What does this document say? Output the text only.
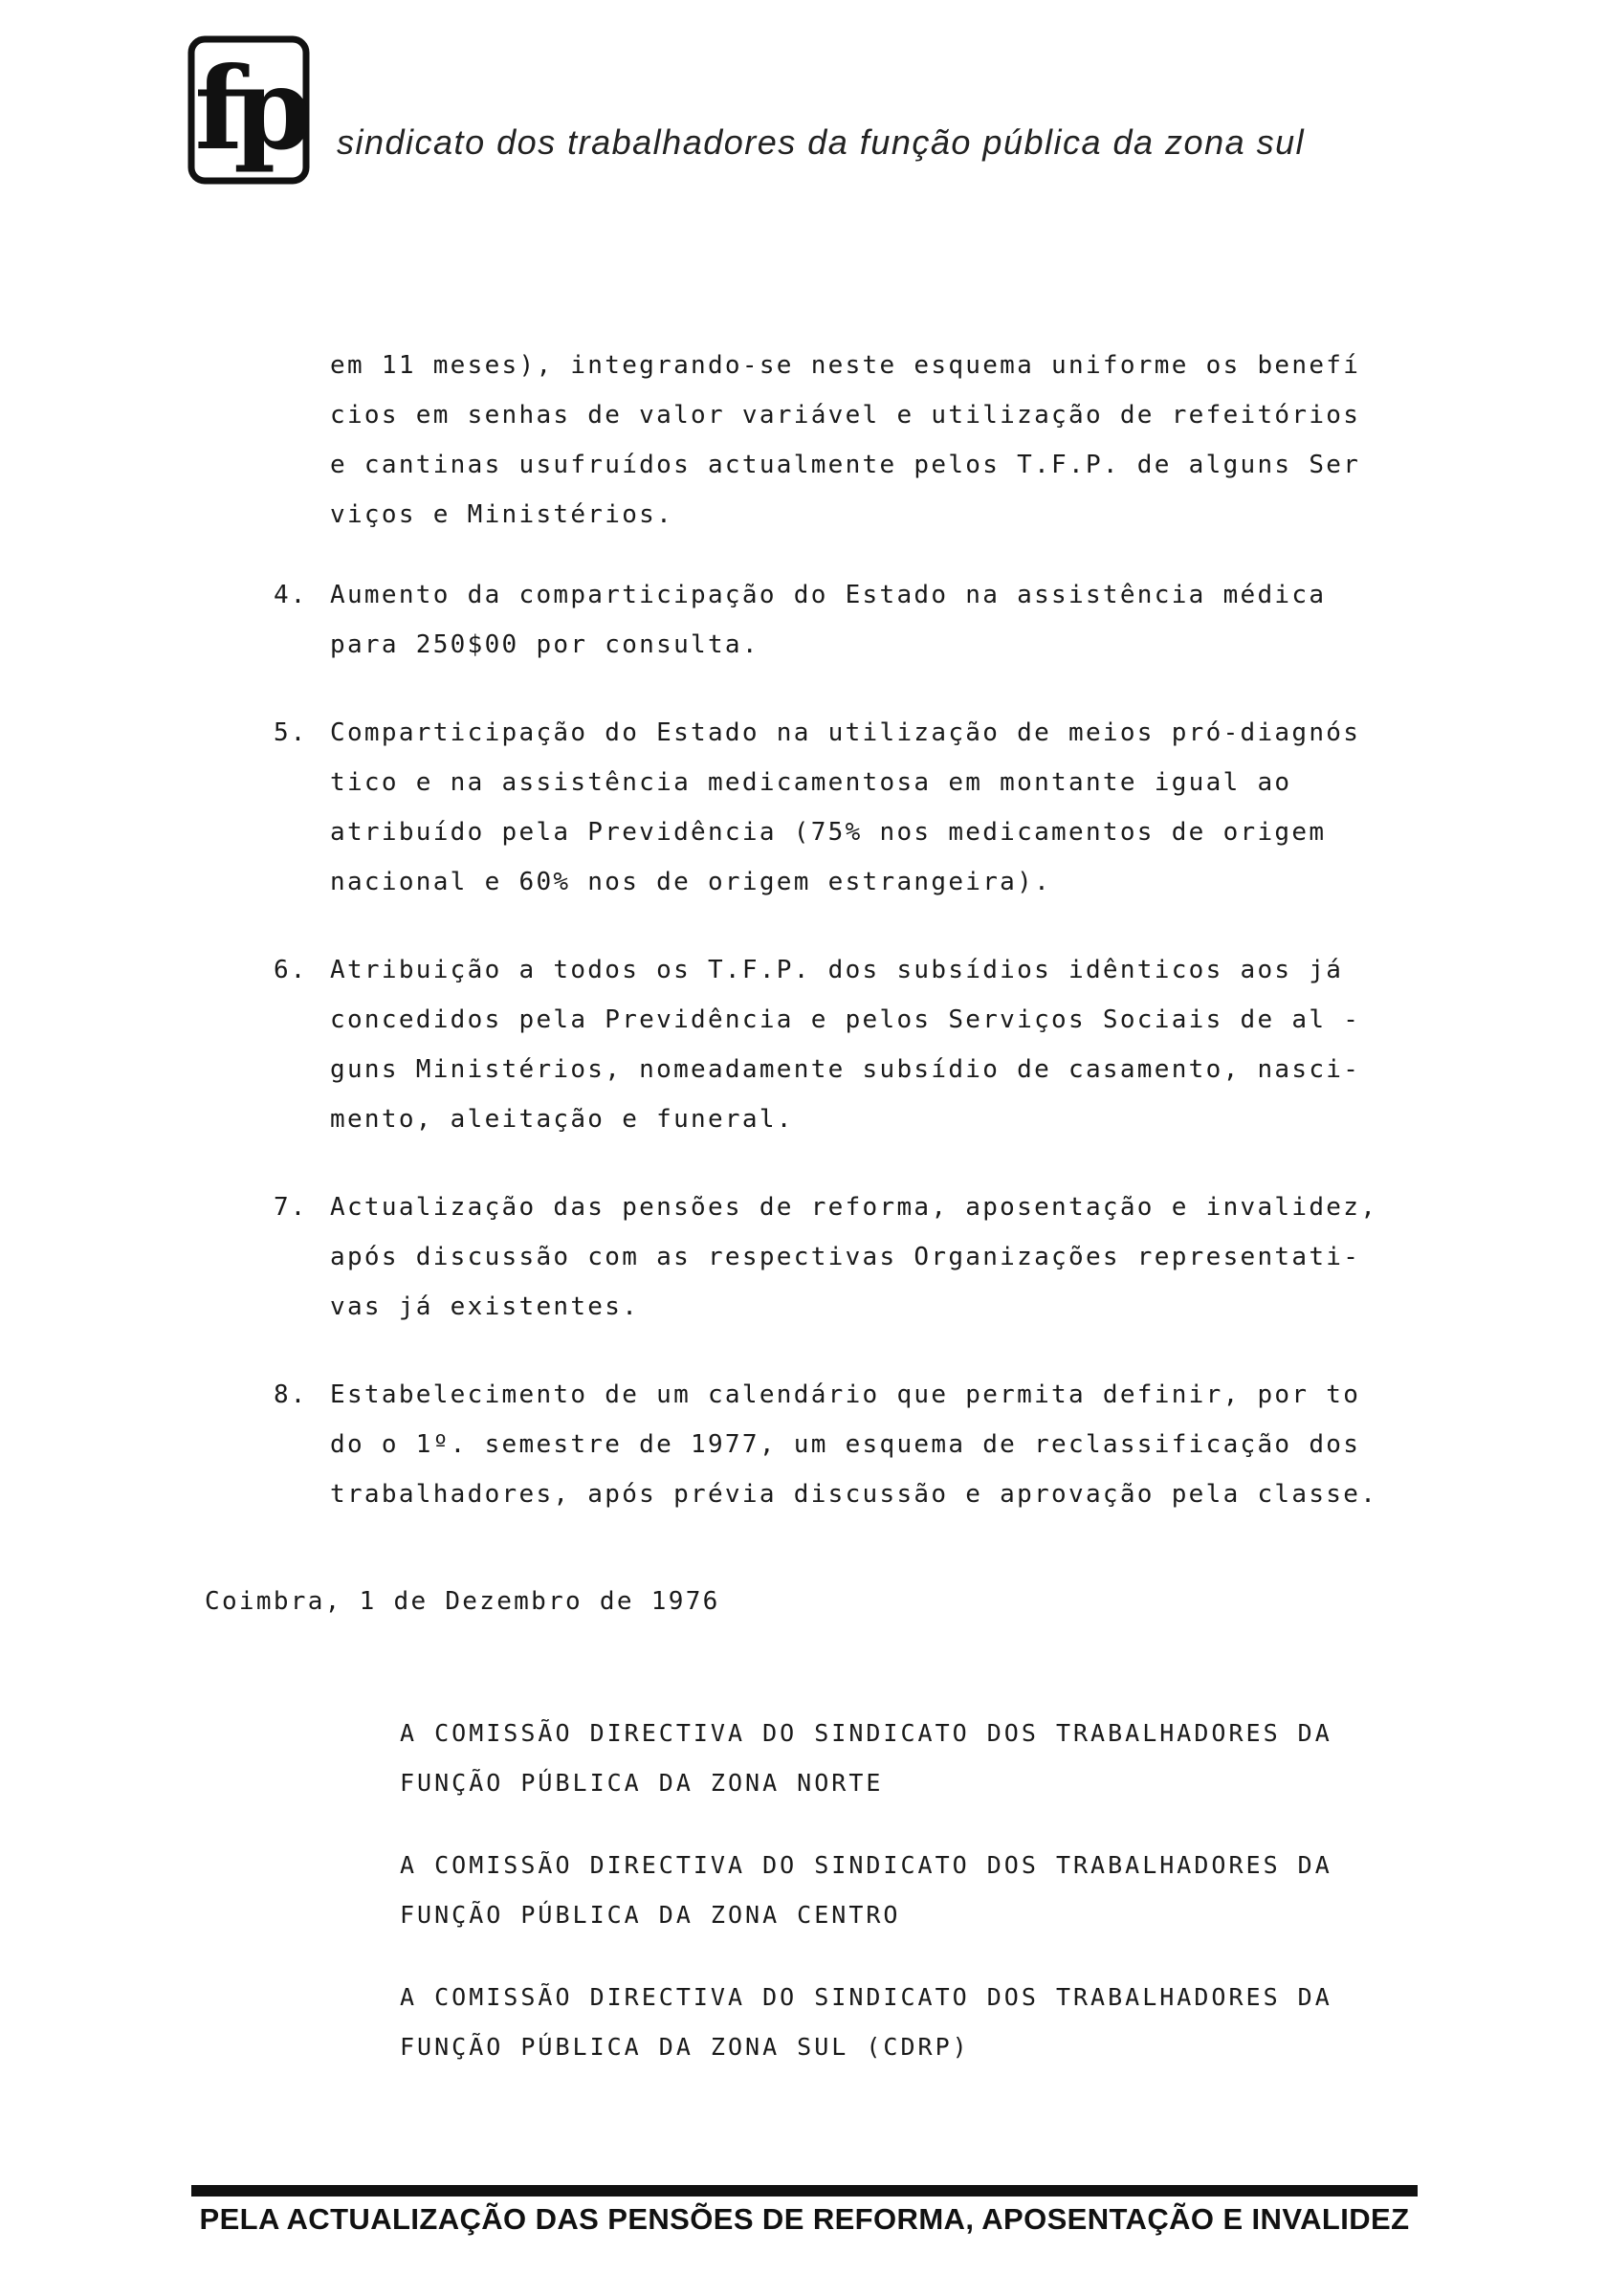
fp sindicato dos trabalhadores da função pública da zona sul
em 11 meses), integrando-se neste esquema uniforme os benefí
cios em senhas de valor variável e utilização de refeitórios
e cantinas usufruídos actualmente pelos T.F.P. de alguns Ser
viços e Ministérios.
4. Aumento da comparticipação do Estado na assistência médica
para 250$00 por consulta.
5. Comparticipação do Estado na utilização de meios pró-diagnós
tico e na assistência medicamentosa em montante igual ao
atribuído pela Previdência (75% nos medicamentos de origem
nacional e 60% nos de origem estrangeira).
6. Atribuição a todos os T.F.P. dos subsídios idênticos aos já
concedidos pela Previdência e pelos Serviços Sociais de al -
guns Ministérios, nomeadamente subsídio de casamento, nasci-
mento, aleitação e funeral.
7. Actualização das pensões de reforma, aposentação e invalidez,
após discussão com as respectivas Organizações representati-
vas já existentes.
8. Estabelecimento de um calendário que permita definir, por to
do o 1º. semestre de 1977, um esquema de reclassificação dos
trabalhadores, após prévia discussão e aprovação pela classe.
Coimbra, 1 de Dezembro de 1976
A COMISSÃO DIRECTIVA DO SINDICATO DOS TRABALHADORES DA
FUNÇÃO PÚBLICA DA ZONA NORTE
A COMISSÃO DIRECTIVA DO SINDICATO DOS TRABALHADORES DA
FUNÇÃO PÚBLICA DA ZONA CENTRO
A COMISSÃO DIRECTIVA DO SINDICATO DOS TRABALHADORES DA
FUNÇÃO PÚBLICA DA ZONA SUL (CDRP)
PELA ACTUALIZAÇÃO DAS PENSÕES DE REFORMA, APOSENTAÇÃO E INVALIDEZ
